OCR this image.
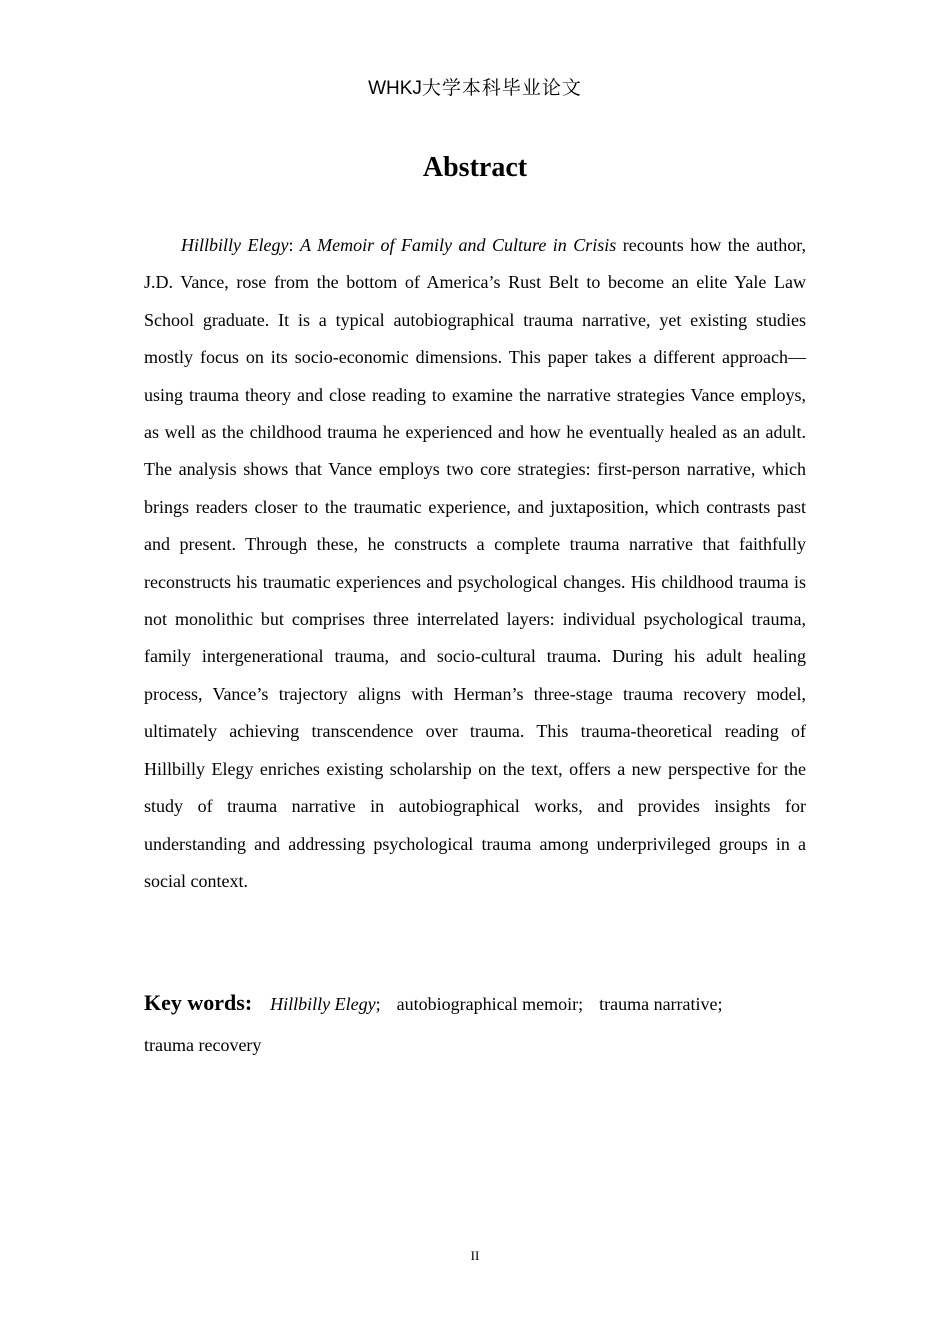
WHKJ大学本科毕业论文
Abstract

Hillbilly Elegy: A Memoir of Family and Culture in Crisis recounts how the author, J.D. Vance, rose from the bottom of America’s Rust Belt to become an elite Yale Law School graduate. It is a typical autobiographical trauma narrative, yet existing studies mostly focus on its socio-economic dimensions. This paper takes a different approach—using trauma theory and close reading to examine the narrative strategies Vance employs, as well as the childhood trauma he experienced and how he eventually healed as an adult. The analysis shows that Vance employs two core strategies: first-person narrative, which brings readers closer to the traumatic experience, and juxtaposition, which contrasts past and present. Through these, he constructs a complete trauma narrative that faithfully reconstructs his traumatic experiences and psychological changes. His childhood trauma is not monolithic but comprises three interrelated layers: individual psychological trauma, family intergenerational trauma, and socio-cultural trauma. During his adult healing process, Vance’s trajectory aligns with Herman’s three-stage trauma recovery model, ultimately achieving transcendence over trauma. This trauma-theoretical reading of Hillbilly Elegy enriches existing scholarship on the text, offers a new perspective for the study of trauma narrative in autobiographical works, and provides insights for understanding and addressing psychological trauma among underprivileged groups in a social context.

Key words: Hillbilly Elegy; autobiographical memoir; trauma narrative;
trauma recovery

II
